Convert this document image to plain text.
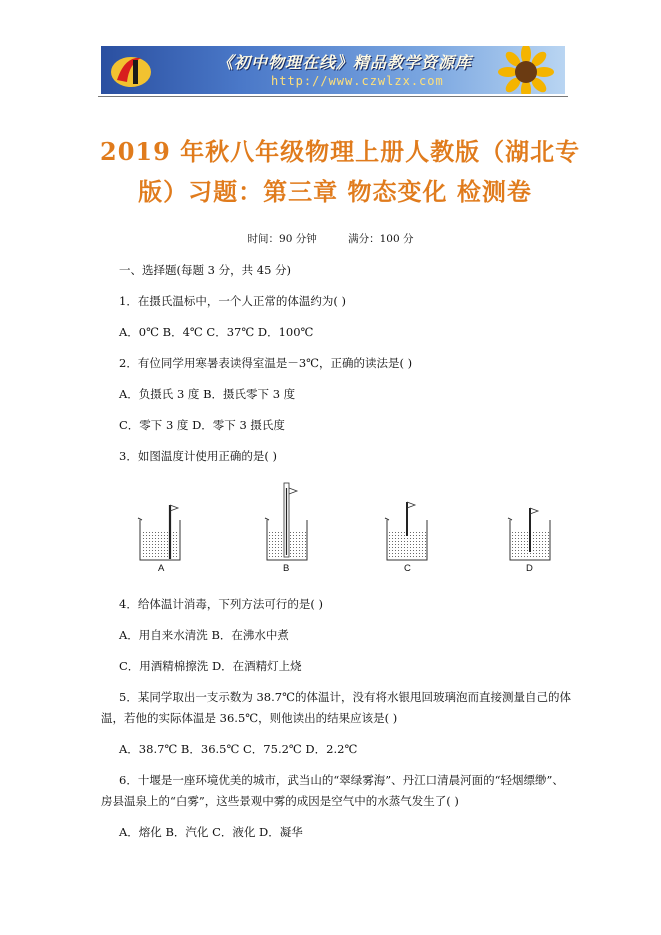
《初中物理在线》精品教学资源库
http://www.czwlzx.com
2019 年秋八年级物理上册人教版（湖北专
版）习题：第三章 物态变化 检测卷
时间：90 分钟	满分：100 分
一、选择题(每题 3 分，共 45 分)
1．在摄氏温标中，一个人正常的体温约为( )
A．0℃ B．4℃ C．37℃ D．100℃
2．有位同学用寒暑表读得室温是－3℃，正确的读法是( )
A．负摄氏 3 度 B．摄氏零下 3 度
C．零下 3 度 D．零下 3 摄氏度
3．如图温度计使用正确的是( )
A	B	C	D
4．给体温计消毒，下列方法可行的是( )
A．用自来水清洗 B．在沸水中煮
C．用酒精棉擦洗 D．在酒精灯上烧
5．某同学取出一支示数为 38.7℃的体温计，没有将水银甩回玻璃泡而直接测量自己的体
温，若他的实际体温是 36.5℃，则他读出的结果应该是( )
A．38.7℃ B．36.5℃ C．75.2℃ D．2.2℃
6．十堰是一座环境优美的城市，武当山的“翠绿雾海”、丹江口清晨河面的“轻烟缥缈”、
房县温泉上的“白雾”，这些景观中雾的成因是空气中的水蒸气发生了( )
A．熔化 B．汽化 C．液化 D．凝华
